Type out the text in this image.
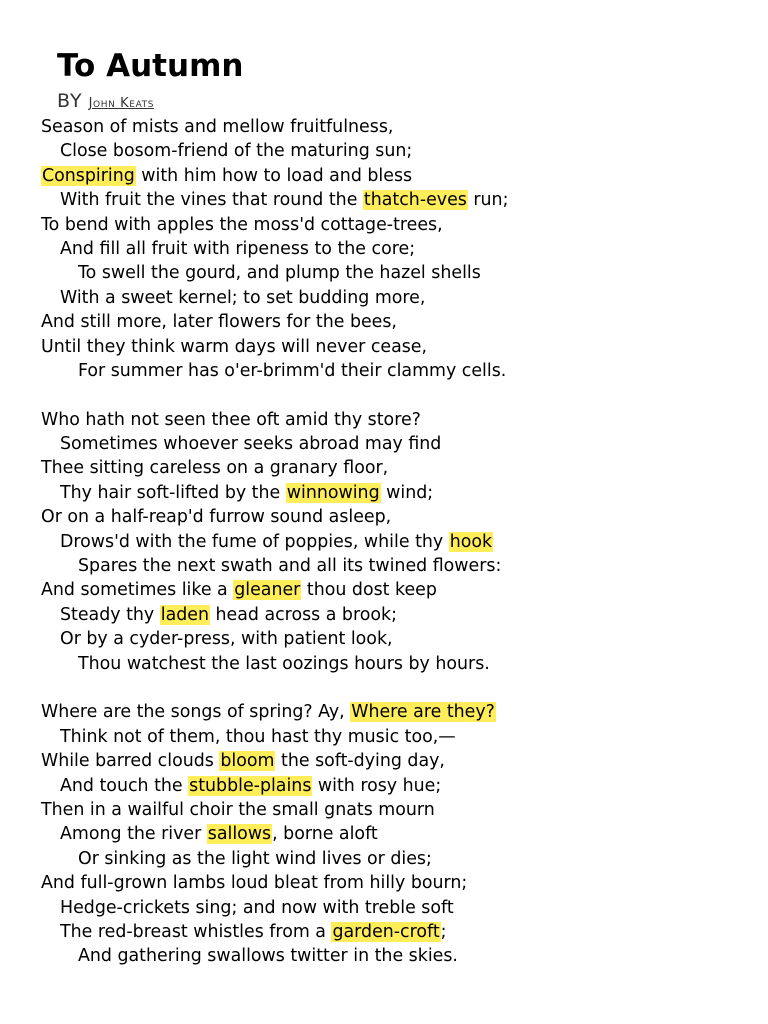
To Autumn
BY John Keats
Season of mists and mellow fruitfulness,
Close bosom-friend of the maturing sun;
Conspiring with him how to load and bless
With fruit the vines that round the thatch-eves run;
To bend with apples the moss'd cottage-trees,
And fill all fruit with ripeness to the core;
To swell the gourd, and plump the hazel shells
With a sweet kernel; to set budding more,
And still more, later flowers for the bees,
Until they think warm days will never cease,
For summer has o'er-brimm'd their clammy cells.
Who hath not seen thee oft amid thy store?
Sometimes whoever seeks abroad may find
Thee sitting careless on a granary floor,
Thy hair soft-lifted by the winnowing wind;
Or on a half-reap'd furrow sound asleep,
Drows'd with the fume of poppies, while thy hook
Spares the next swath and all its twined flowers:
And sometimes like a gleaner thou dost keep
Steady thy laden head across a brook;
Or by a cyder-press, with patient look,
Thou watchest the last oozings hours by hours.
Where are the songs of spring? Ay, Where are they?
Think not of them, thou hast thy music too,—
While barred clouds bloom the soft-dying day,
And touch the stubble-plains with rosy hue;
Then in a wailful choir the small gnats mourn
Among the river sallows, borne aloft
Or sinking as the light wind lives or dies;
And full-grown lambs loud bleat from hilly bourn;
Hedge-crickets sing; and now with treble soft
The red-breast whistles from a garden-croft;
And gathering swallows twitter in the skies.
